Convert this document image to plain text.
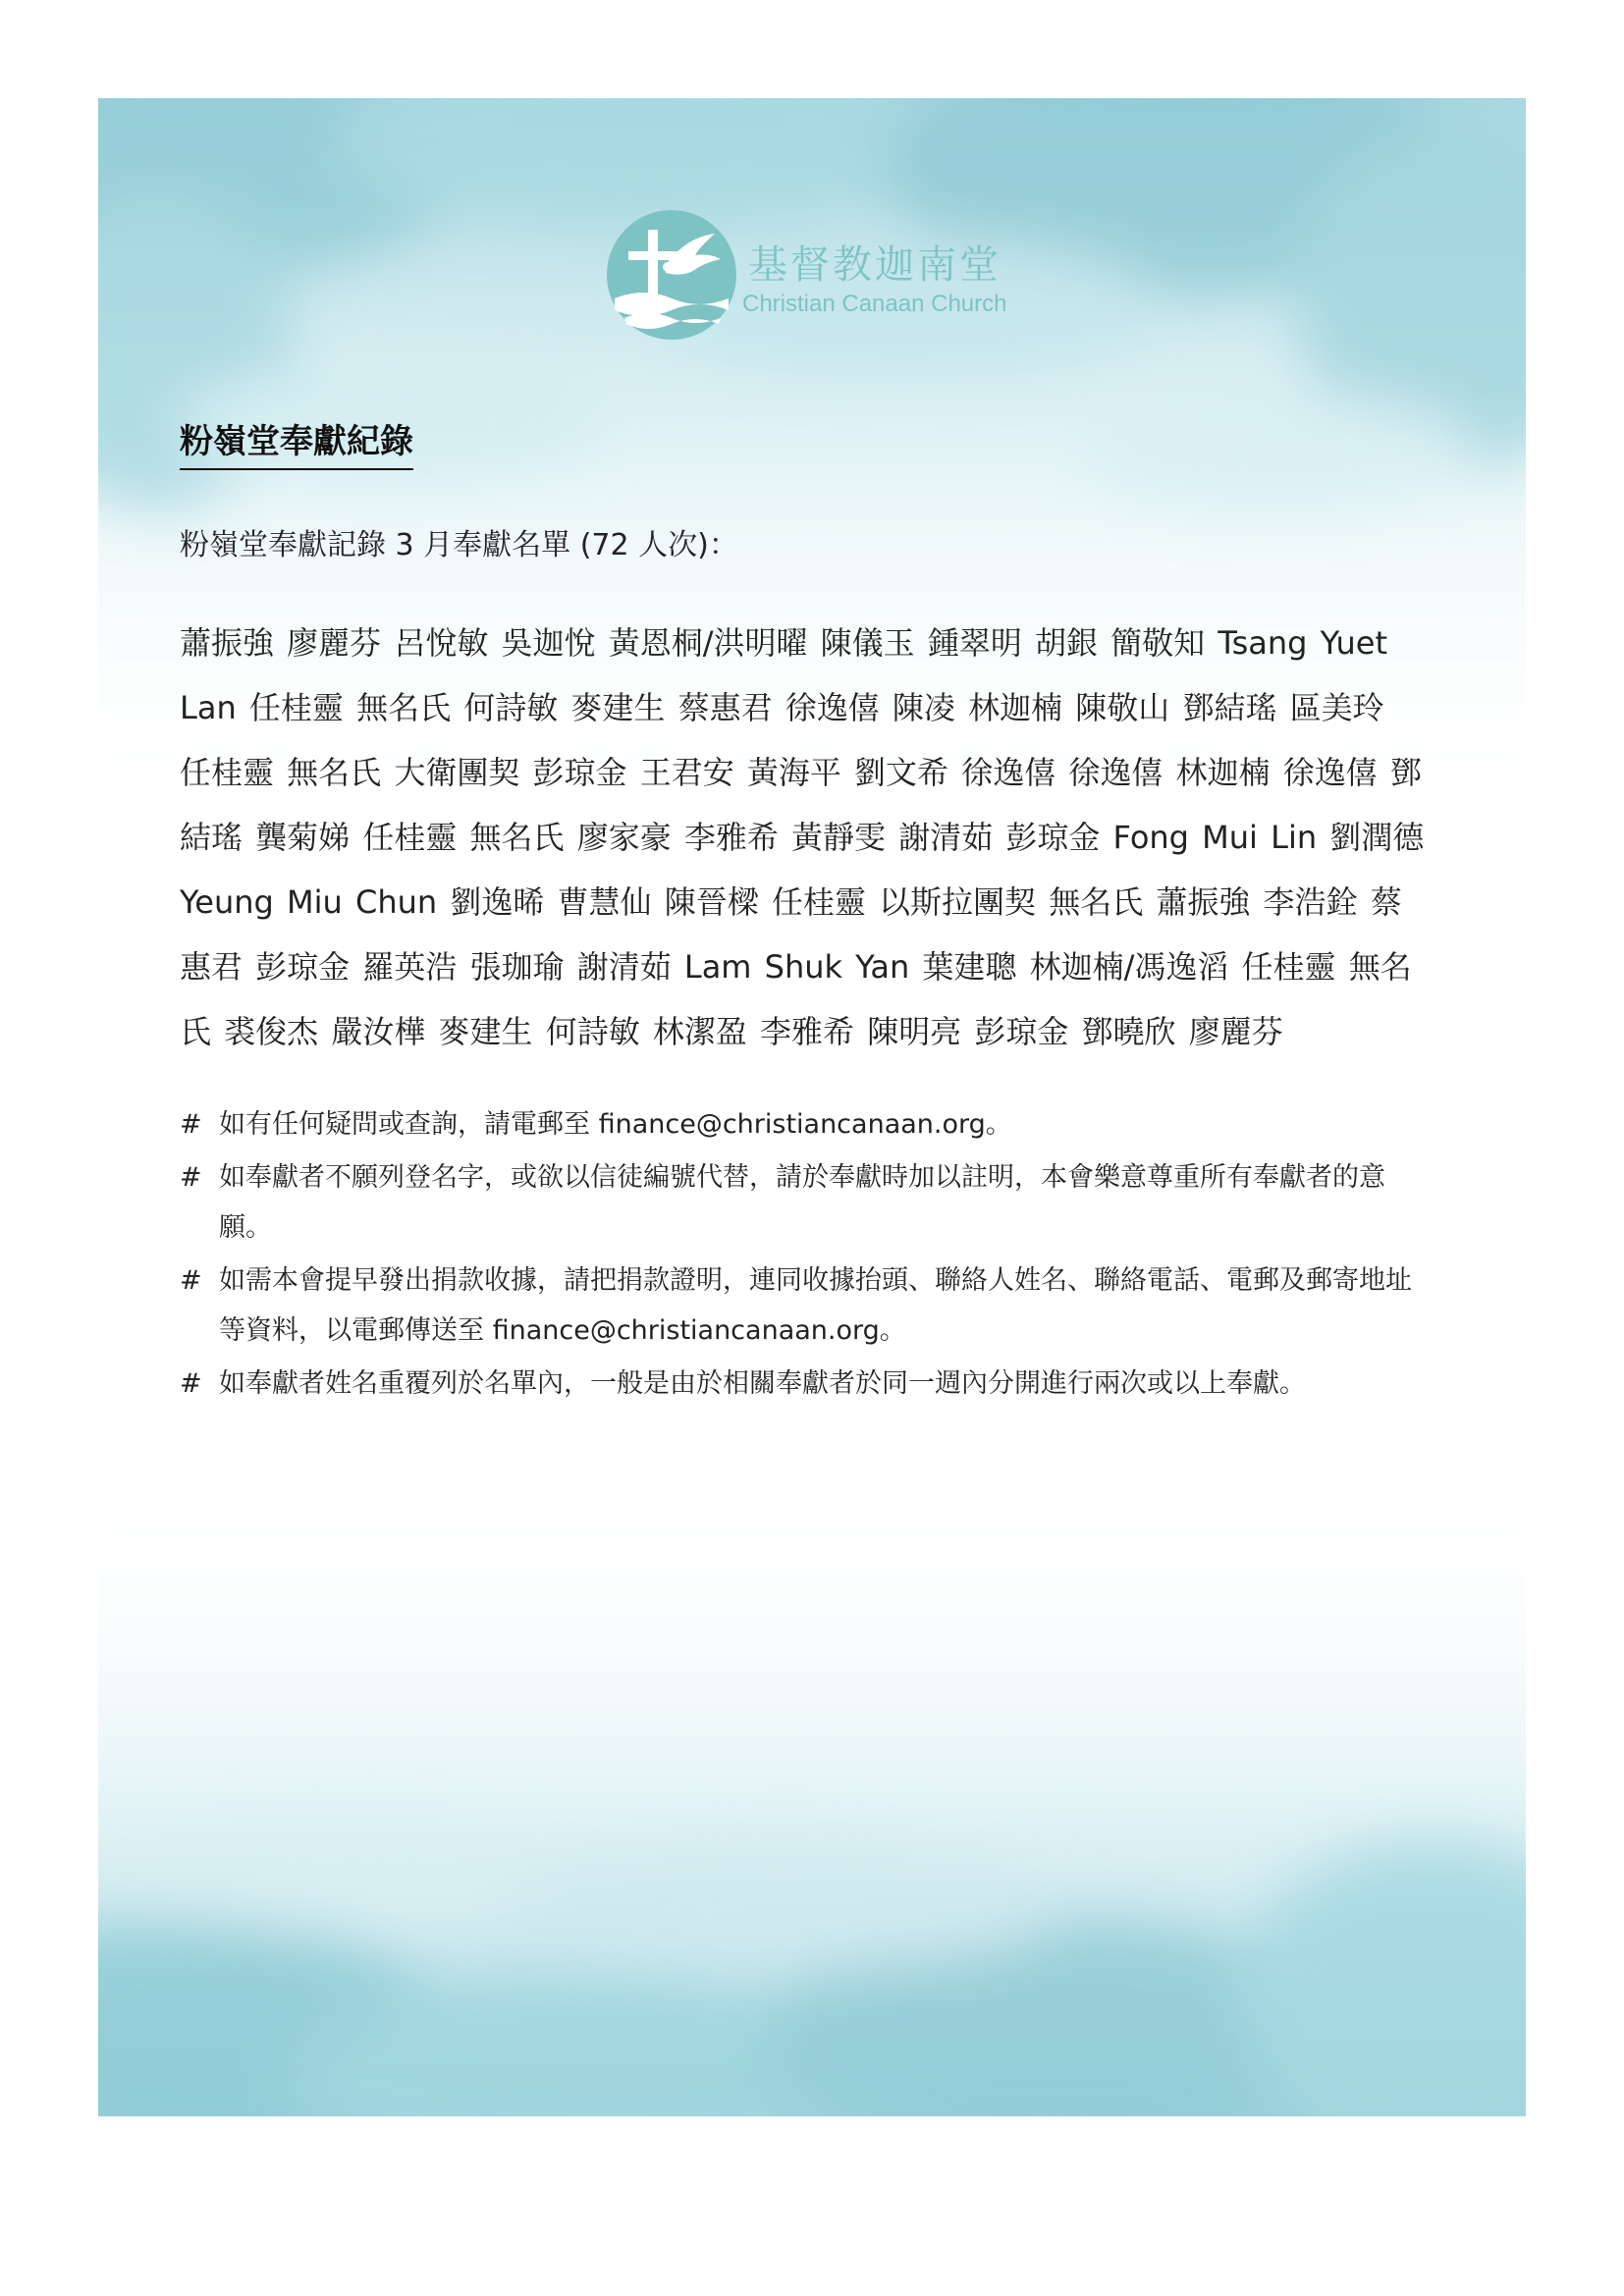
基督教迦南堂
Christian Canaan Church
粉嶺堂奉獻紀錄
粉嶺堂奉獻記錄 3 月奉獻名單 (72 人次)：
蕭振強 廖麗芬 呂悅敏 吳迦悅 黃恩桐/洪明曜 陳儀玉 鍾翠明 胡銀 簡敬知 Tsang Yuet Lan 任桂靈 無名氏 何詩敏 麥建生 蔡惠君 徐逸僖 陳凌 林迦楠 陳敬山 鄧結瑤 區美玲 任桂靈 無名氏 大衛團契 彭琼金 王君安 黃海平 劉文希 徐逸僖 徐逸僖 林迦楠 徐逸僖 鄧結瑤 龔菊娣 任桂靈 無名氏 廖家豪 李雅希 黃靜雯 謝清茹 彭琼金 Fong Mui Lin 劉潤德 Yeung Miu Chun 劉逸晞 曹慧仙 陳晉樑 任桂靈 以斯拉團契 無名氏 蕭振強 李浩銓 蔡惠君 彭琼金 羅英浩 張珈瑜 謝清茹 Lam Shuk Yan 葉建聰 林迦楠/馮逸滔 任桂靈 無名氏 裘俊杰 嚴汝樺 麥建生 何詩敏 林潔盈 李雅希 陳明亮 彭琼金 鄧曉欣 廖麗芬
# 如有任何疑問或查詢，請電郵至 finance@christiancanaan.org。
# 如奉獻者不願列登名字，或欲以信徒編號代替，請於奉獻時加以註明，本會樂意尊重所有奉獻者的意願。
# 如需本會提早發出捐款收據，請把捐款證明，連同收據抬頭、聯絡人姓名、聯絡電話、電郵及郵寄地址等資料，以電郵傳送至 finance@christiancanaan.org。
# 如奉獻者姓名重覆列於名單內，一般是由於相關奉獻者於同一週內分開進行兩次或以上奉獻。
